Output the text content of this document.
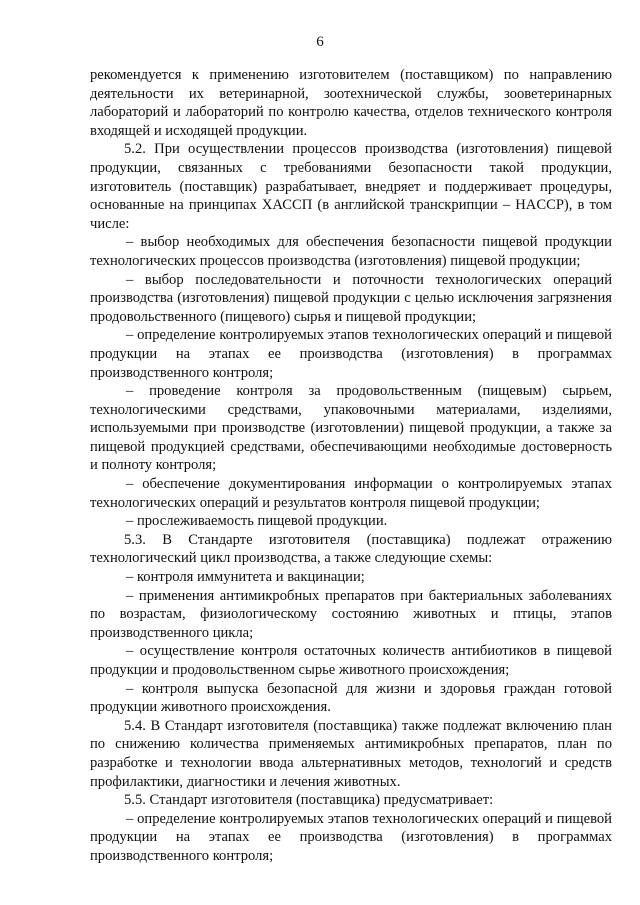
6

рекомендуется к применению изготовителем (поставщиком) по направлению деятельности их ветеринарной, зоотехнической службы, зооветеринарных лабораторий и лабораторий по контролю качества, отделов технического контроля входящей и исходящей продукции.

5.2. При осуществлении процессов производства (изготовления) пищевой продукции, связанных с требованиями безопасности такой продукции, изготовитель (поставщик) разрабатывает, внедряет и поддерживает процедуры, основанные на принципах ХАССП (в английской транскрипции – HACCP), в том числе:

– выбор необходимых для обеспечения безопасности пищевой продукции технологических процессов производства (изготовления) пищевой продукции;

– выбор последовательности и поточности технологических операций производства (изготовления) пищевой продукции с целью исключения загрязнения продовольственного (пищевого) сырья и пищевой продукции;

– определение контролируемых этапов технологических операций и пищевой продукции на этапах ее производства (изготовления) в программах производственного контроля;

– проведение контроля за продовольственным (пищевым) сырьем, технологическими средствами, упаковочными материалами, изделиями, используемыми при производстве (изготовлении) пищевой продукции, а также за пищевой продукцией средствами, обеспечивающими необходимые достоверность и полноту контроля;

– обеспечение документирования информации о контролируемых этапах технологических операций и результатов контроля пищевой продукции;

– прослеживаемость пищевой продукции.

5.3. В Стандарте изготовителя (поставщика) подлежат отражению технологический цикл производства, а также следующие схемы:

– контроля иммунитета и вакцинации;

– применения антимикробных препаратов при бактериальных заболеваниях по возрастам, физиологическому состоянию животных и птицы, этапов производственного цикла;

– осуществление контроля остаточных количеств антибиотиков в пищевой продукции и продовольственном сырье животного происхождения;

– контроля выпуска безопасной для жизни и здоровья граждан готовой продукции животного происхождения.

5.4. В Стандарт изготовителя (поставщика) также подлежат включению план по снижению количества применяемых антимикробных препаратов, план по разработке и технологии ввода альтернативных методов, технологий и средств профилактики, диагностики и лечения животных.

5.5. Стандарт изготовителя (поставщика) предусматривает:

– определение контролируемых этапов технологических операций и пищевой продукции на этапах ее производства (изготовления) в программах производственного контроля;
